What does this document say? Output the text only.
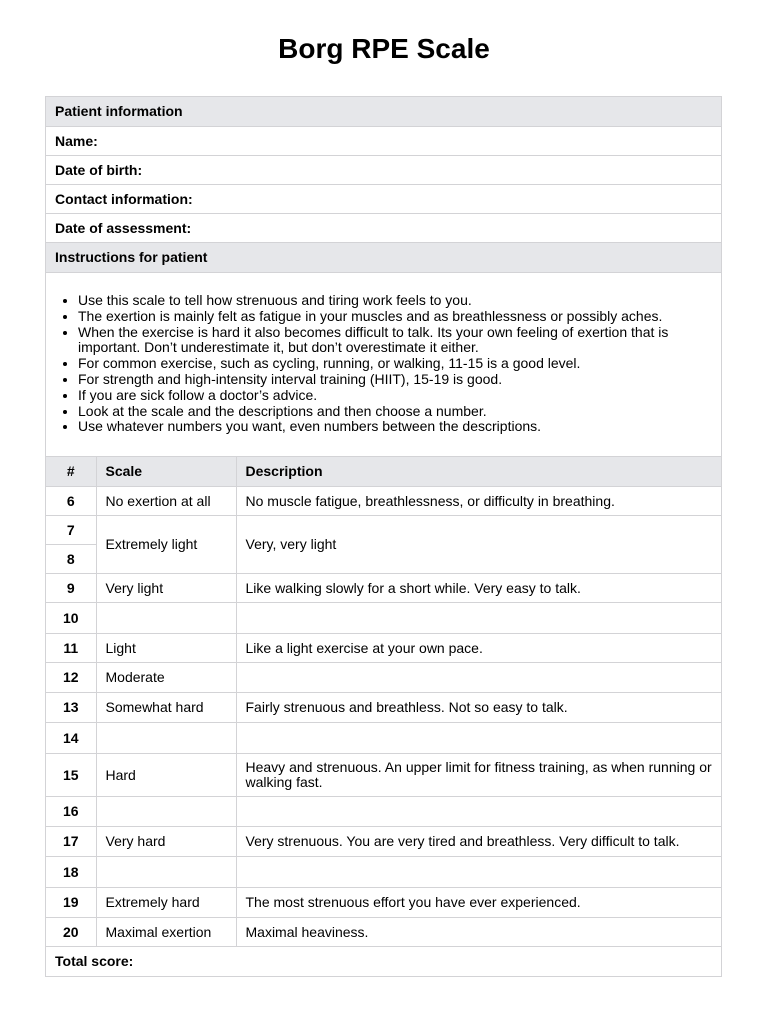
Borg RPE Scale
Patient information
Name:
Date of birth:
Contact information:
Date of assessment:
Instructions for patient
• Use this scale to tell how strenuous and tiring work feels to you.
• The exertion is mainly felt as fatigue in your muscles and as breathlessness or possibly aches.
• When the exercise is hard it also becomes difficult to talk. Its your own feeling of exertion that is important. Don’t underestimate it, but don’t overestimate it either.
• For common exercise, such as cycling, running, or walking, 11-15 is a good level.
• For strength and high-intensity interval training (HIIT), 15-19 is good.
• If you are sick follow a doctor’s advice.
• Look at the scale and the descriptions and then choose a number.
• Use whatever numbers you want, even numbers between the descriptions.
#	Scale	Description
6	No exertion at all	No muscle fatigue, breathlessness, or difficulty in breathing.
7	Extremely light	Very, very light
8		
9	Very light	Like walking slowly for a short while. Very easy to talk.
10		
11	Light	Like a light exercise at your own pace.
12	Moderate	
13	Somewhat hard	Fairly strenuous and breathless. Not so easy to talk.
14		
15	Hard	Heavy and strenuous. An upper limit for fitness training, as when running or walking fast.
16		
17	Very hard	Very strenuous. You are very tired and breathless. Very difficult to talk.
18		
19	Extremely hard	The most strenuous effort you have ever experienced.
20	Maximal exertion	Maximal heaviness.
Total score:
